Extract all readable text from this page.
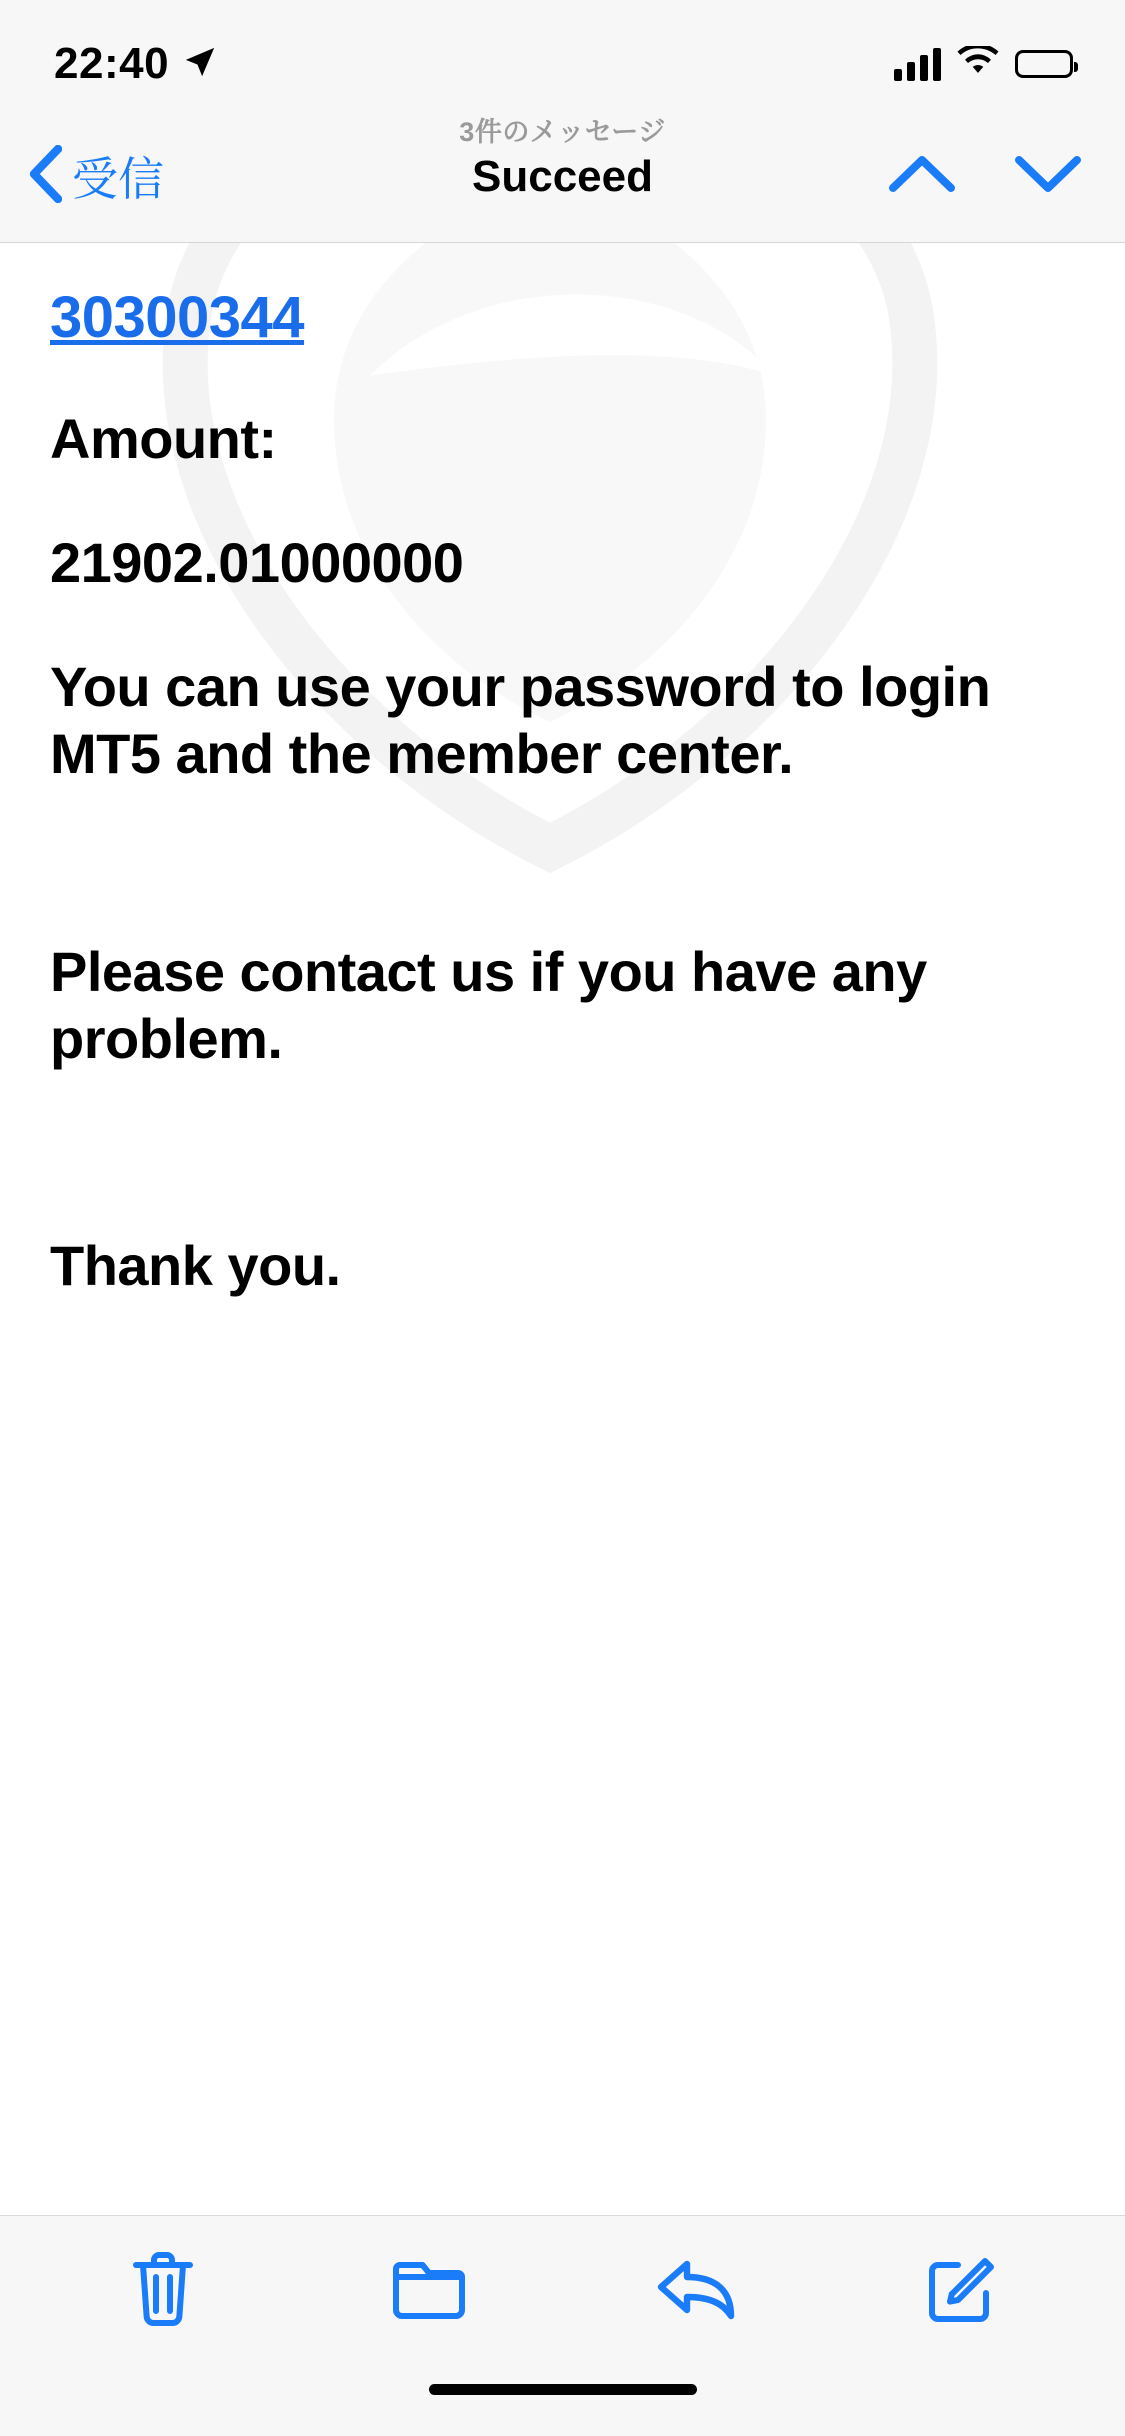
22:40
受信
3件のメッセージ
Succeed
30300344
Amount:
21902.01000000
You can use your password to login MT5 and the member center.
Please contact us if you have any problem.
Thank you.
